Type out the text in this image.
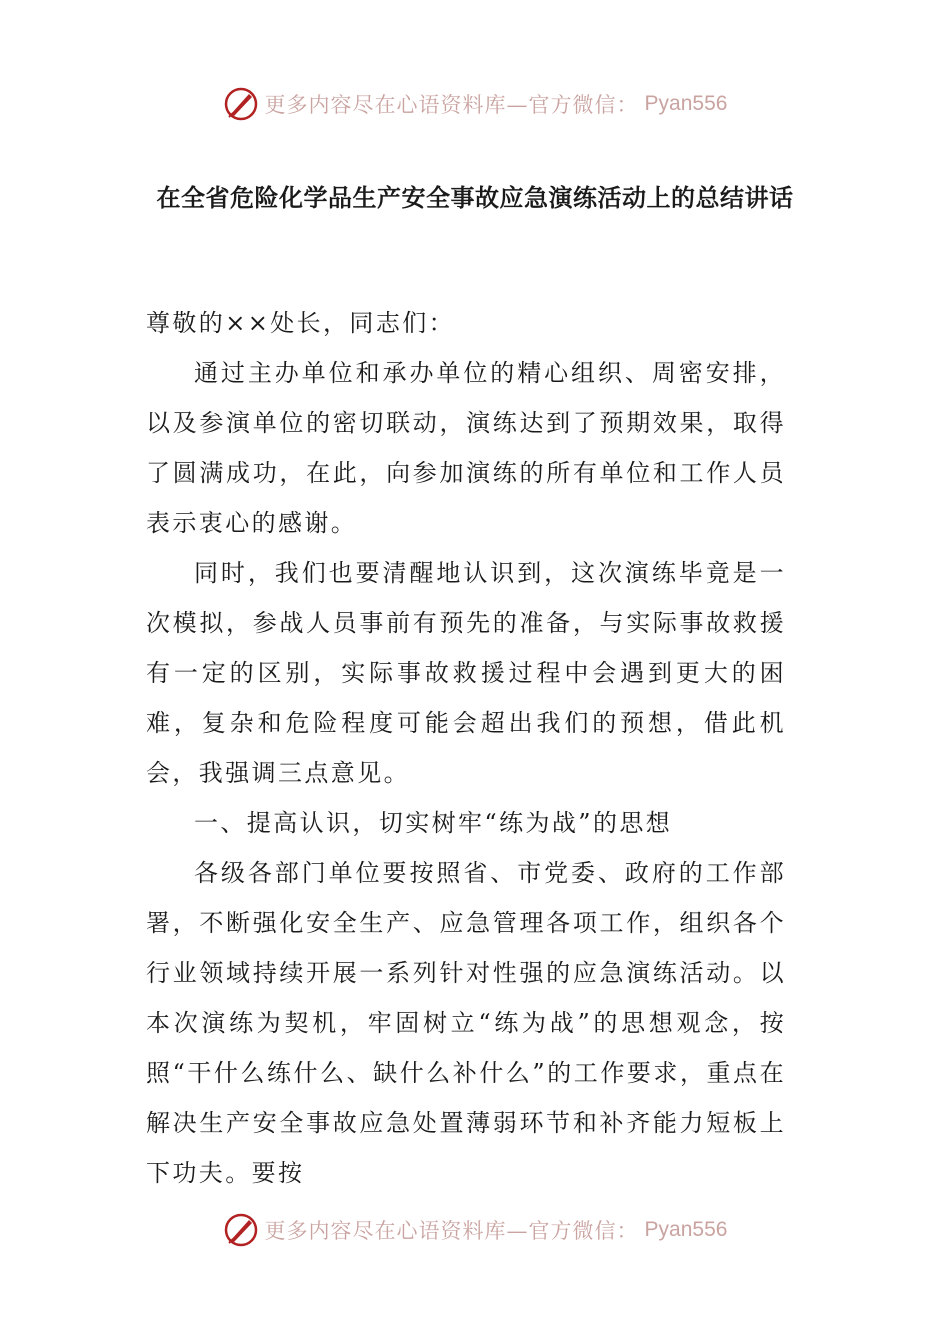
更多内容尽在心语资料库—官方微信： Pyan556
在全省危险化学品生产安全事故应急演练活动上的总结讲话

尊敬的××处长，同志们：

通过主办单位和承办单位的精心组织、周密安排，以及参演单位的密切联动，演练达到了预期效果，取得了圆满成功，在此，向参加演练的所有单位和工作人员表示衷心的感谢。

同时，我们也要清醒地认识到，这次演练毕竟是一次模拟，参战人员事前有预先的准备，与实际事故救援有一定的区别，实际事故救援过程中会遇到更大的困难，复杂和危险程度可能会超出我们的预想，借此机会，我强调三点意见。

一、提高认识，切实树牢“练为战”的思想

各级各部门单位要按照省、市党委、政府的工作部署，不断强化安全生产、应急管理各项工作，组织各个行业领域持续开展一系列针对性强的应急演练活动。以本次演练为契机，牢固树立“练为战”的思想观念，按照“干什么练什么、缺什么补什么”的工作要求，重点在解决生产安全事故应急处置薄弱环节和补齐能力短板上下功夫。要按

更多内容尽在心语资料库—官方微信： Pyan556
